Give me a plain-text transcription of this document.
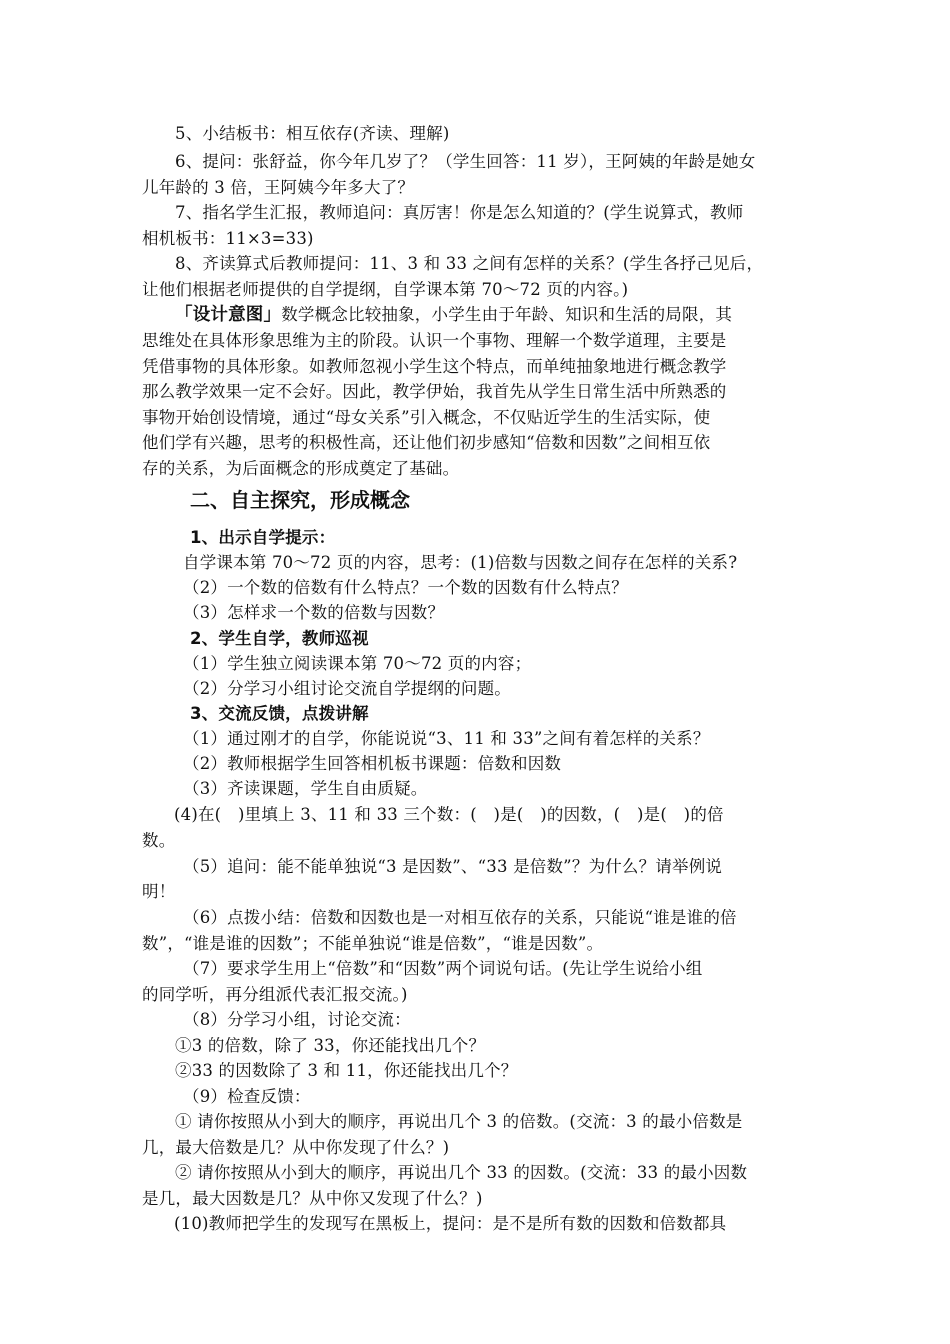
5、小结板书：相互依存(齐读、理解)
6、提问：张舒益，你今年几岁了？（学生回答：11 岁），王阿姨的年龄是她女
儿年龄的 3 倍，王阿姨今年多大了？
7、指名学生汇报，教师追问：真厉害！你是怎么知道的？(学生说算式，教师
相机板书：11×3=33)
8、齐读算式后教师提问：11、3 和 33 之间有怎样的关系？(学生各抒己见后，
让他们根据老师提供的自学提纲，自学课本第 70～72 页的内容。)
「设计意图」数学概念比较抽象，小学生由于年龄、知识和生活的局限，其
思维处在具体形象思维为主的阶段。认识一个事物、理解一个数学道理，主要是
凭借事物的具体形象。如教师忽视小学生这个特点，而单纯抽象地进行概念教学
那么教学效果一定不会好。因此，教学伊始，我首先从学生日常生活中所熟悉的
事物开始创设情境，通过“母女关系”引入概念，不仅贴近学生的生活实际，使
他们学有兴趣，思考的积极性高，还让他们初步感知“倍数和因数”之间相互依
存的关系，为后面概念的形成奠定了基础。
二、自主探究，形成概念
1、出示自学提示：
自学课本第 70～72 页的内容，思考：(1)倍数与因数之间存在怎样的关系?
（2）一个数的倍数有什么特点？一个数的因数有什么特点？
（3）怎样求一个数的倍数与因数？
2、学生自学，教师巡视
（1）学生独立阅读课本第 70～72 页的内容；
（2）分学习小组讨论交流自学提纲的问题。
3、交流反馈，点拨讲解
（1）通过刚才的自学，你能说说“3、11 和 33”之间有着怎样的关系？
（2）教师根据学生回答相机板书课题：倍数和因数
（3）齐读课题，学生自由质疑。
(4)在(　)里填上 3、11 和 33 三个数：(　)是(　)的因数，(　)是(　)的倍
数。
（5）追问：能不能单独说“3 是因数”、“33 是倍数”？为什么？请举例说
明！
（6）点拨小结：倍数和因数也是一对相互依存的关系，只能说“谁是谁的倍
数”，“谁是谁的因数”；不能单独说“谁是倍数”，“谁是因数”。
（7）要求学生用上“倍数”和“因数”两个词说句话。(先让学生说给小组
的同学听，再分组派代表汇报交流。)
（8）分学习小组，讨论交流：
①3 的倍数，除了 33，你还能找出几个？
②33 的因数除了 3 和 11，你还能找出几个？
（9）检查反馈：
① 请你按照从小到大的顺序，再说出几个 3 的倍数。(交流：3 的最小倍数是
几，最大倍数是几？从中你发现了什么？)
② 请你按照从小到大的顺序，再说出几个 33 的因数。(交流：33 的最小因数
是几，最大因数是几？从中你又发现了什么？)
(10)教师把学生的发现写在黑板上，提问：是不是所有数的因数和倍数都具
